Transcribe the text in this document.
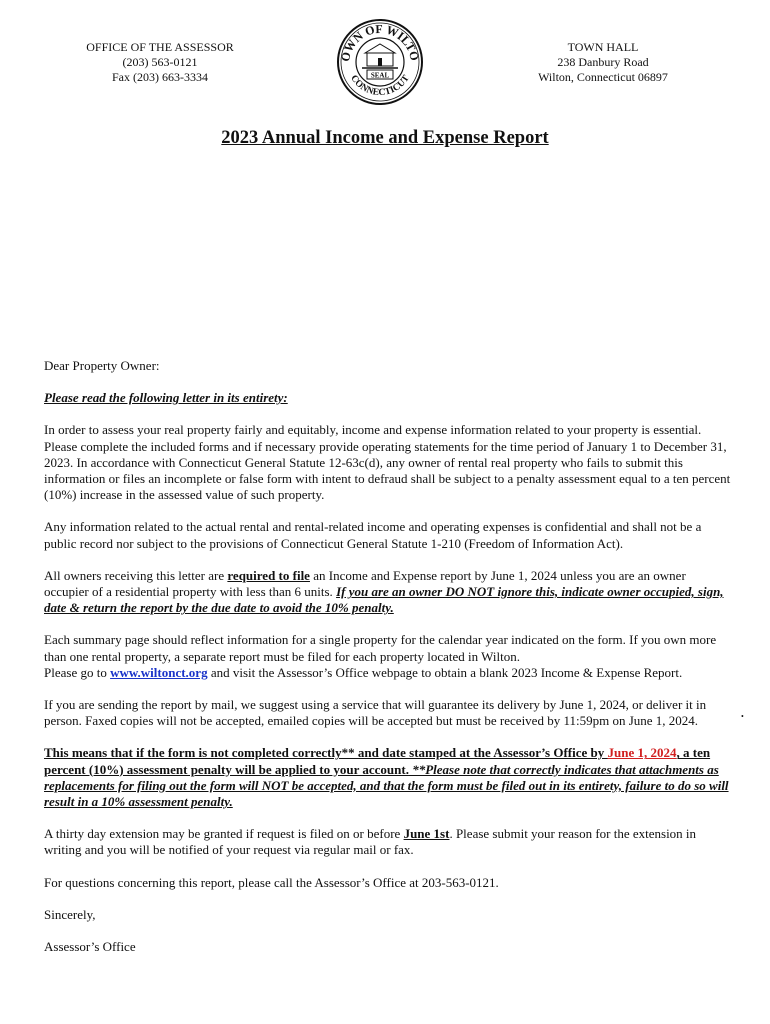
OFFICE OF THE ASSESSOR
(203) 563-0121
Fax (203) 663-3334
OWN OF WILTO
CONNECTICUT
SEAL
TOWN HALL
238 Danbury Road
Wilton, Connecticut 06897
2023 Annual Income and Expense Report

Dear Property Owner:

Please read the following letter in its entirety:

In order to assess your real property fairly and equitably, income and expense information related to your property is essential. Please complete the included forms and if necessary provide operating statements for the time period of January 1 to December 31, 2023. In accordance with Connecticut General Statute 12-63c(d), any owner of rental real property who fails to submit this information or files an incomplete or false form with intent to defraud shall be subject to a penalty assessment equal to a ten percent (10%) increase in the assessed value of such property.

Any information related to the actual rental and rental-related income and operating expenses is confidential and shall not be a public record nor subject to the provisions of Connecticut General Statute 1-210 (Freedom of Information Act).

All owners receiving this letter are required to file an Income and Expense report by June 1, 2024 unless you are an owner occupier of a residential property with less than 6 units. If you are an owner DO NOT ignore this, indicate owner occupied, sign, date & return the report by the due date to avoid the 10% penalty.

Each summary page should reflect information for a single property for the calendar year indicated on the form. If you own more than one rental property, a separate report must be filed for each property located in Wilton.
Please go to www.wiltonct.org and visit the Assessor’s Office webpage to obtain a blank 2023 Income & Expense Report.

If you are sending the report by mail, we suggest using a service that will guarantee its delivery by June 1, 2024, or deliver it in person. Faxed copies will not be accepted, emailed copies will be accepted but must be received by 11:59pm on June 1, 2024.

This means that if the form is not completed correctly** and date stamped at the Assessor’s Office by June 1, 2024, a ten percent (10%) assessment penalty will be applied to your account. **Please note that correctly indicates that attachments as replacements for filing out the form will NOT be accepted, and that the form must be filed out in its entirety, failure to do so will result in a 10% assessment penalty.

A thirty day extension may be granted if request is filed on or before June 1st. Please submit your reason for the extension in writing and you will be notified of your request via regular mail or fax.

For questions concerning this report, please call the Assessor’s Office at 203-563-0121.

Sincerely,

Assessor’s Office

•
